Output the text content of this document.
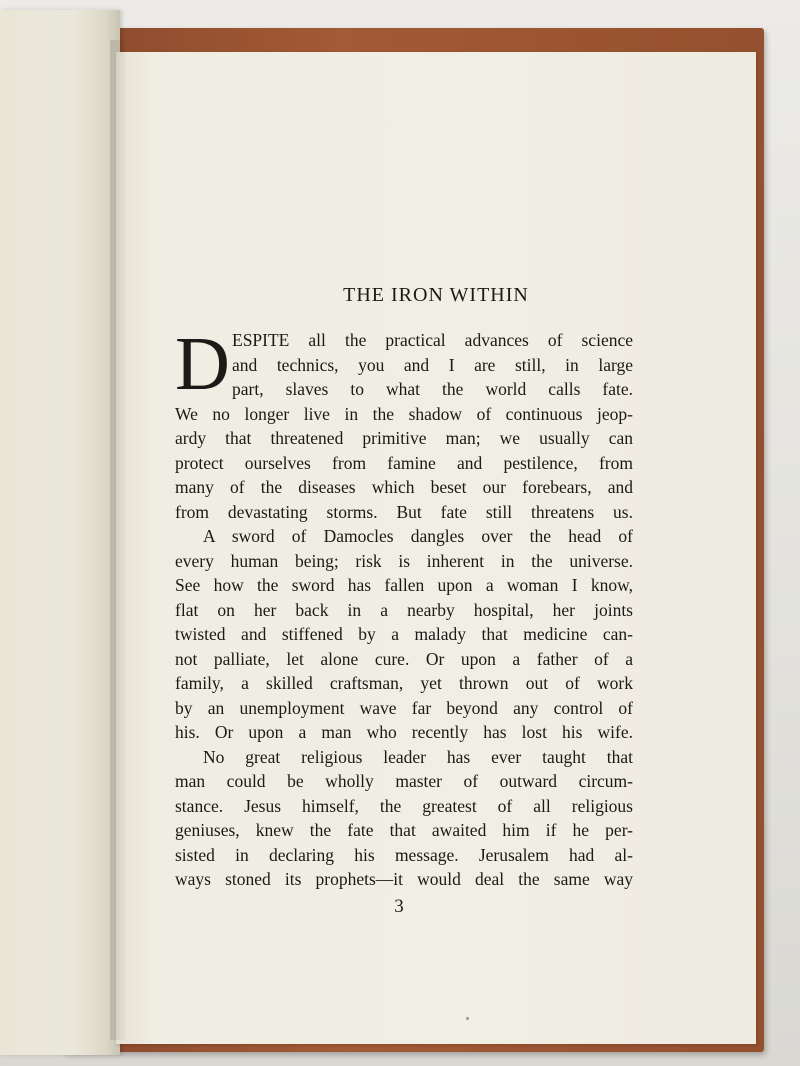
THE IRON WITHIN
D ESPITE all the practical advances of science
and technics, you and I are still, in large
part, slaves to what the world calls fate.
We no longer live in the shadow of continuous jeop-
ardy that threatened primitive man; we usually can
protect ourselves from famine and pestilence, from
many of the diseases which beset our forebears, and
from devastating storms. But fate still threatens us.
A sword of Damocles dangles over the head of
every human being; risk is inherent in the universe.
See how the sword has fallen upon a woman I know,
flat on her back in a nearby hospital, her joints
twisted and stiffened by a malady that medicine can-
not palliate, let alone cure. Or upon a father of a
family, a skilled craftsman, yet thrown out of work
by an unemployment wave far beyond any control of
his. Or upon a man who recently has lost his wife.
No great religious leader has ever taught that
man could be wholly master of outward circum-
stance. Jesus himself, the greatest of all religious
geniuses, knew the fate that awaited him if he per-
sisted in declaring his message. Jerusalem had al-
ways stoned its prophets—it would deal the same way
3
